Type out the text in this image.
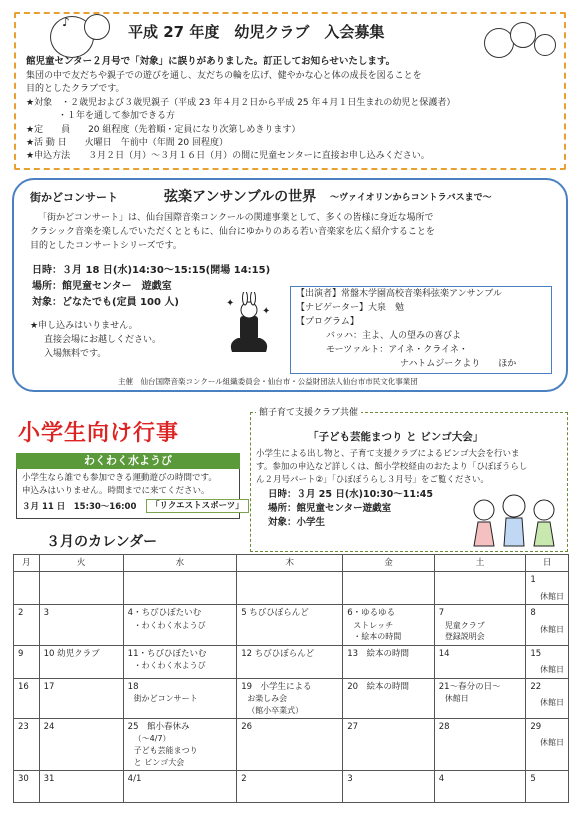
♪
平成 27 年度　幼児クラブ　入会募集
館児童センター２月号で「対象」に誤りがありました。訂正してお知らせいたします。
集団の中で友だちや親子での遊びを通し、友だちの輪を広げ、健やかな心と体の成長を図ることを
目的としたクラブです。
★対象　・２歳児および３歳児親子（平成 23 年４月２日から平成 25 年４月１日生まれの幼児と保護者）
・１年を通して参加できる方
★定　　員　　20 組程度（先着順・定員になり次第しめきります）
★活 動 日　　火曜日　午前中（年間 20 回程度）
★申込方法　　３月２日（月）～３月１６日（月）の間に児童センターに直接お申し込みください。
街かどコンサート	弦楽アンサンブルの世界 ～ヴァイオリンからコントラバスまで～
「街かどコンサート」は、仙台国際音楽コンクールの関連事業として、多くの皆様に身近な場所で
クラシック音楽を楽しんでいただくとともに、仙台にゆかりのある若い音楽家を広く紹介することを
目的としたコンサートシリーズです。
日時：３月 18 日(水)14:30～15:15(開場 14:15)
場所：館児童センター　遊戯室
対象：どなたでも(定員 100 人)
★申し込みはいりません。
直接会場にお越しください。
入場無料です。
✦
✦
【出演者】常盤木学園高校音楽科弦楽アンサンブル
【ナビゲーター】大泉　勉
【プログラム】
バッハ：主よ、人の望みの喜びよ
モーツァルト：アイネ・クライネ・
ナハトムジークより　　ほか
主催　仙台国際音楽コンクール組織委員会・仙台市・公益財団法人仙台市市民文化事業団
小学生向け行事
わくわく水ようび
小学生なら誰でも参加できる運動遊びの時間です。
申込みはいりません。時間までに来てください。
３月 11 日　15:30～16:00	「リクエストスポーツ」
館子育て支援クラブ共催
「子ども芸能まつり と ビンゴ大会」
小学生による出し物と、子育て支援クラブによるビンゴ大会を行いま
す。参加の申込など詳しくは、館小学校経由のおたより「ひぼぼうらし
ん２月号パート②」「ひぼぼうらし３月号」をご覧ください。
日時：３月 25 日(水)10:30～11:45
場所：館児童センター遊戯室
対象：小学生
３月のカレンダー
月	火	水	木	金	土	日

						1
休館日

2	3	4・ちびひぼたいむ
・わくわく水ようび	5 ちびひぼらんど	6・ゆるゆる
ストレッチ
・絵本の時間	7
児童クラブ
登録説明会	8
休館日

9	10 幼児クラブ	11・ちびひぼたいむ
・わくわく水ようび	12 ちびひぼらんど	13　絵本の時間	14	15
休館日

16	17	18
街かどコンサート	19　小学生による
お楽しみ会
（館小卒業式）	20　絵本の時間	21～春分の日～
休館日	22
休館日

23	24	25　館小春休み
（～4/7）
子ども芸能まつり
と ビンゴ大会	26	27	28	29
休館日

30	31	4/1	2	3	4	5
